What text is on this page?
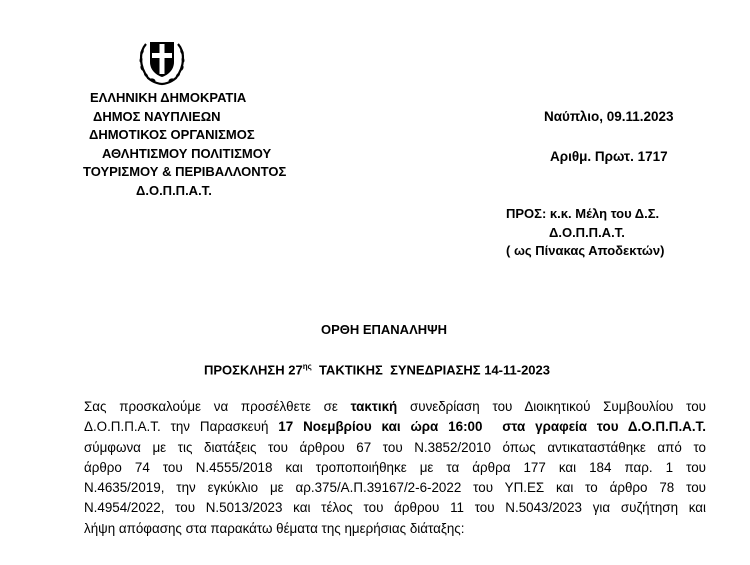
ΕΛΛΗΝΙΚΗ ΔΗΜΟΚΡΑΤΙΑ
ΔΗΜΟΣ ΝΑΥΠΛΙΕΩΝ
ΔΗΜΟΤΙΚΟΣ ΟΡΓΑΝΙΣΜΟΣ
ΑΘΛΗΤΙΣΜΟΥ ΠΟΛΙΤΙΣΜΟΥ
ΤΟΥΡΙΣΜΟΥ & ΠΕΡΙΒΑΛΛΟΝΤΟΣ
Δ.Ο.Π.Π.Α.Τ.
Ναύπλιο, 09.11.2023
Αριθμ. Πρωτ. 1717
ΠΡΟΣ: κ.κ. Μέλη του Δ.Σ.
Δ.Ο.Π.Π.Α.Τ.
( ως Πίνακας Αποδεκτών)
ΟΡΘΗ ΕΠΑΝΑΛΗΨΗ
ΠΡΟΣΚΛΗΣΗ $27^{\eta\varsigma}$  ΤΑΚΤΙΚΗΣ  ΣΥΝΕΔΡΙΑΣΗΣ 14-11-2023
Σας προσκαλούμε να προσέλθετε σε τακτική συνεδρίαση του Διοικητικού Συμβουλίου του
Δ.Ο.Π.Π.Α.Τ. την Παρασκευή 17 Νοεμβρίου και ώρα 16:00  στα γραφεία του Δ.Ο.Π.Π.Α.Τ.
σύμφωνα με τις διατάξεις του άρθρου 67 του Ν.3852/2010 όπως αντικαταστάθηκε από το
άρθρο 74 του Ν.4555/2018 και τροποποιήθηκε με τα άρθρα 177 και 184 παρ. 1 του
Ν.4635/2019, την εγκύκλιο με αρ.375/Α.Π.39167/2-6-2022 του ΥΠ.ΕΣ και το άρθρο 78 του
Ν.4954/2022, του Ν.5013/2023 και τέλος του άρθρου 11 του Ν.5043/2023 για συζήτηση και
λήψη απόφασης στα παρακάτω θέματα της ημερήσιας διάταξης:
